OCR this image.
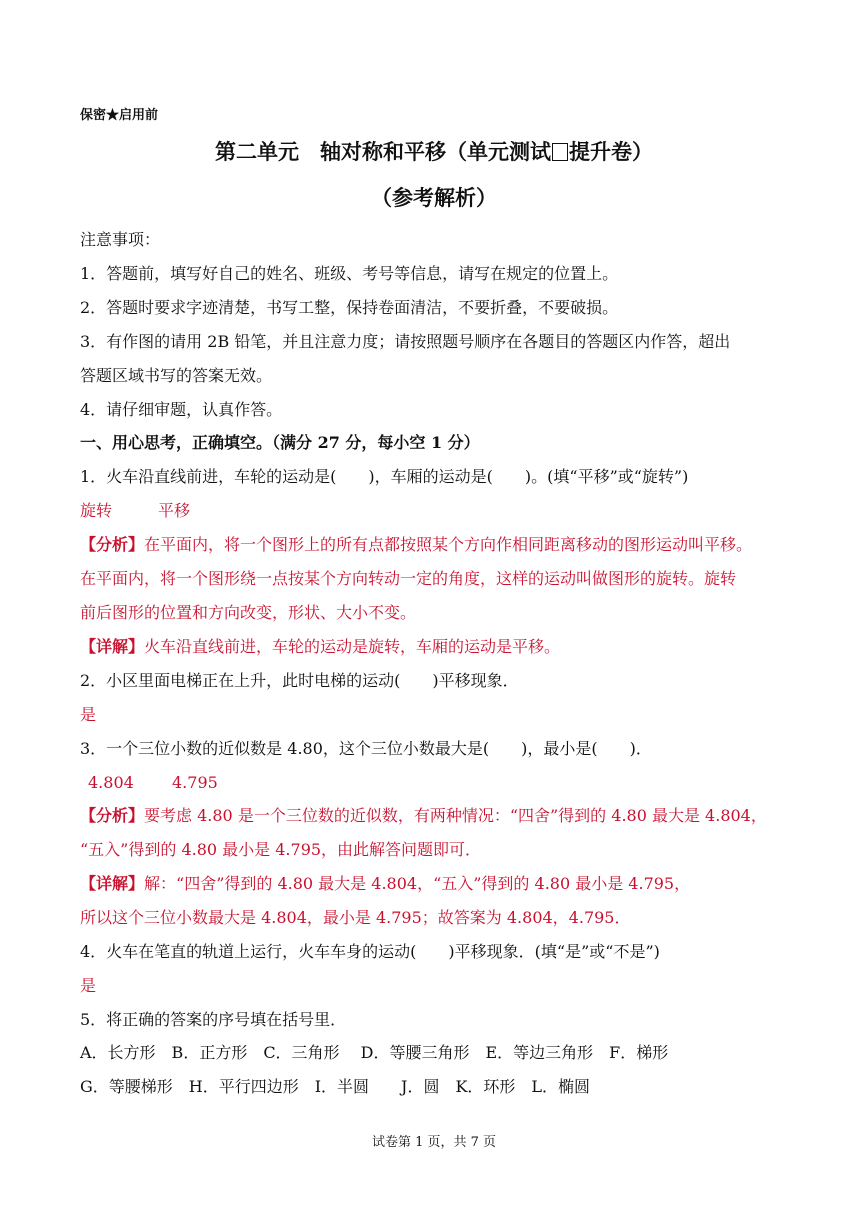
保密★启用前
第二单元　轴对称和平移（单元测试 提升卷）
（参考解析）
注意事项：
1．答题前，填写好自己的姓名、班级、考号等信息，请写在规定的位置上。
2．答题时要求字迹清楚，书写工整，保持卷面清洁，不要折叠，不要破损。
3．有作图的请用 2B 铅笔，并且注意力度；请按照题号顺序在各题目的答题区内作答，超出
答题区域书写的答案无效。
4．请仔细审题，认真作答。
一、用心思考，正确填空。（满分 27 分，每小空 1 分）
1．火车沿直线前进，车轮的运动是(　　)，车厢的运动是(　　)。(填“平移”或“旋转”)
旋转	平移
【分析】在平面内，将一个图形上的所有点都按照某个方向作相同距离移动的图形运动叫平移。
在平面内，将一个图形绕一点按某个方向转动一定的角度，这样的运动叫做图形的旋转。旋转
前后图形的位置和方向改变，形状、大小不变。
【详解】火车沿直线前进，车轮的运动是旋转，车厢的运动是平移。
2．小区里面电梯正在上升，此时电梯的运动(　　)平移现象．
是
3．一个三位小数的近似数是 4.80，这个三位小数最大是(　　)，最小是(　　)．
4.804 4.795
【分析】要考虑 4.80 是一个三位数的近似数，有两种情况：“四舍”得到的 4.80 最大是 4.804，
“五入”得到的 4.80 最小是 4.795，由此解答问题即可．
【详解】解：“四舍”得到的 4.80 最大是 4.804，“五入”得到的 4.80 最小是 4.795，
所以这个三位小数最大是 4.804，最小是 4.795；故答案为 4.804，4.795．
4．火车在笔直的轨道上运行，火车车身的运动(　　)平移现象．(填“是”或“不是”)
是
5．将正确的答案的序号填在括号里．
A．长方形　B．正方形　C．三角形　 D．等腰三角形　E．等边三角形　F．梯形
G．等腰梯形　H．平行四边形　I．半圆　　J．圆　K．环形　L．椭圆
试卷第 1 页，共 7 页
